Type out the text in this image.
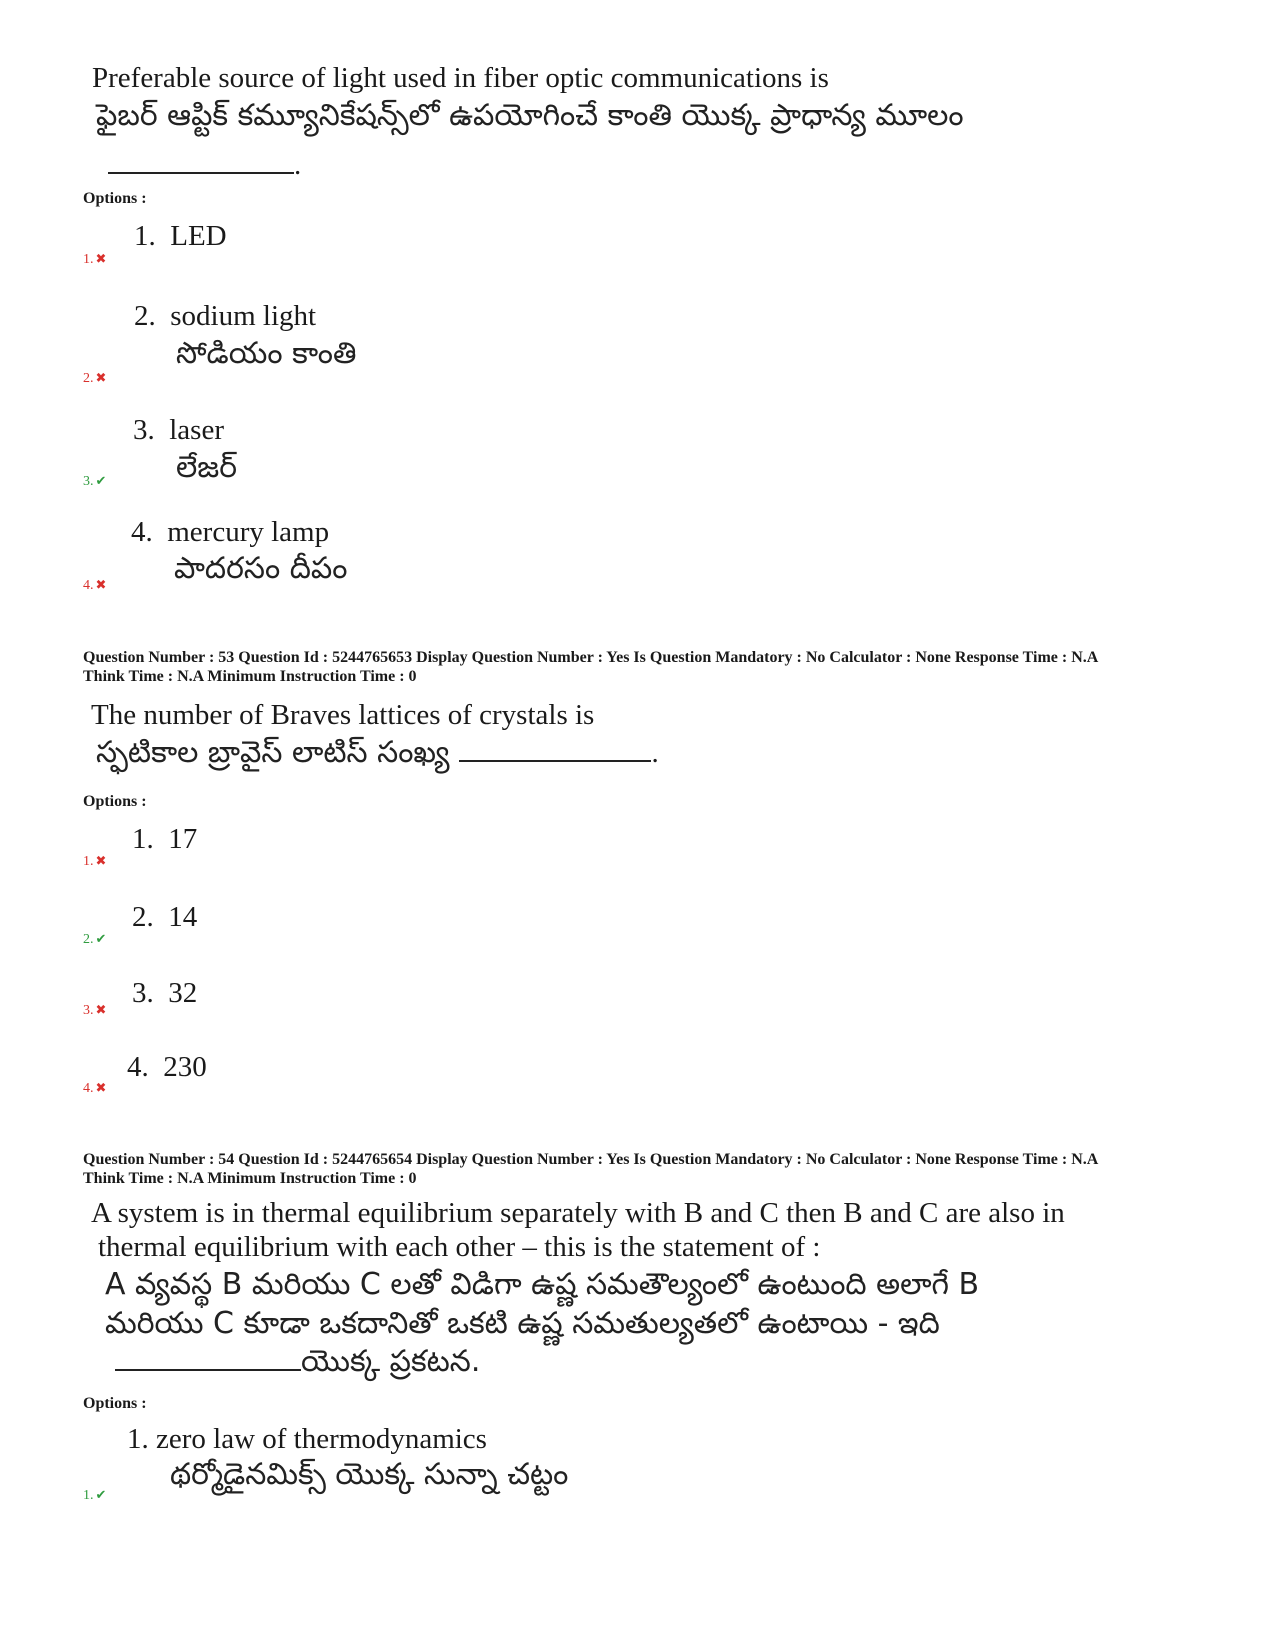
Preferable source of light used in fiber optic communications is
ఫైబర్ ఆప్టిక్ కమ్యూనికేషన్స్‌లో ఉపయోగించే కాంతి యొక్క ప్రాధాన్య మూలం
.
Options :
1. LED
1. ✖
2. sodium light
సోడియం కాంతి
2. ✖
3. laser
లేజర్
3. ✔
4. mercury lamp
పాదరసం దీపం
4. ✖
Question Number : 53 Question Id : 5244765653 Display Question Number : Yes Is Question Mandatory : No Calculator : None Response Time : N.A
Think Time : N.A Minimum Instruction Time : 0
The number of Braves lattices of crystals is
స్ఫటికాల బ్రావైస్ లాటిస్ సంఖ్య	.
Options :
1. 17
1. ✖
2. 14
2. ✔
3. 32
3. ✖
4. 230
4. ✖
Question Number : 54 Question Id : 5244765654 Display Question Number : Yes Is Question Mandatory : No Calculator : None Response Time : N.A
Think Time : N.A Minimum Instruction Time : 0
A system is in thermal equilibrium separately with B and C then B and C are also in
thermal equilibrium with each other – this is the statement of :
A వ్యవస్థ B మరియు C లతో విడిగా ఉష్ణ సమతౌల్యంలో ఉంటుంది అలాగే B
మరియు C కూడా ఒకదానితో ఒకటి ఉష్ణ సమతుల్యతలో ఉంటాయి - ఇది
యొక్క ప్రకటన.
Options :
1. zero law of thermodynamics
థర్మోడైనమిక్స్ యొక్క సున్నా చట్టం
1. ✔
